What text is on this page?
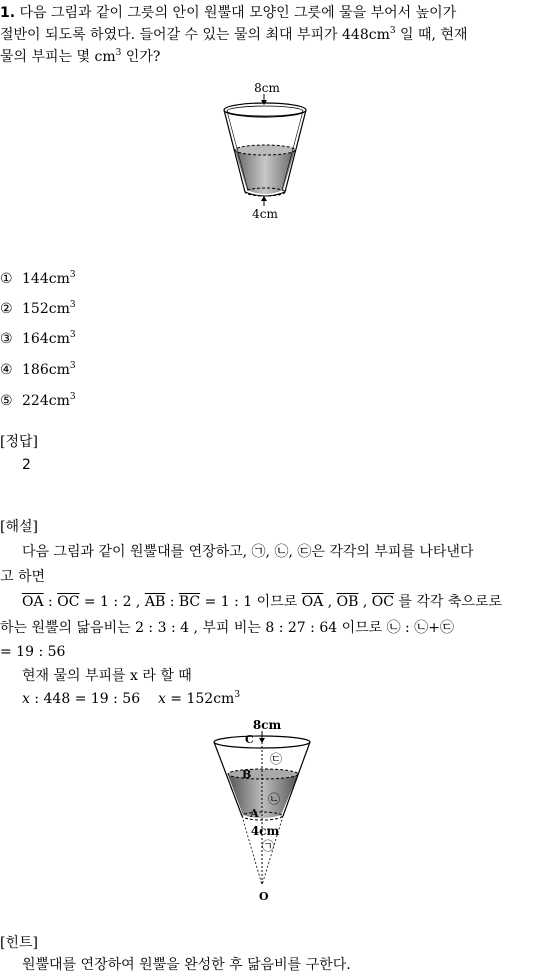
1. 다음 그림과 같이 그릇의 안이 원뿔대 모양인 그릇에 물을 부어서 높이가
절반이 되도록 하였다. 들어갈 수 있는 물의 최대 부피가 $448cm^3$ 일 때, 현재
물의 부피는 몇 $cm^3$ 인가?
8cm
4cm
① $144cm^3$
② $152cm^3$
③ $164cm^3$
④ $186cm^3$
⑤ $224cm^3$
[정답]
2
[해설]
다음 그림과 같이 원뿔대를 연장하고, ㉠, ㉡, ㉢은 각각의 부피를 나타낸다
고 하면
$\overline{OA}$ : $\overline{OC} = 1$ : 2 , $\overline{AB}$ : $\overline{BC} = 1$ : 1 이므로 $\overline{OA}$ , $\overline{OB}$ , $\overline{OC}$ 를 각각 축으로로
하는 원뿔의 닮음비는 2 : 3 : 4 , 부피 비는 8 : 27 : 64 이므로 ㉡ : ㉡+㉢
= 19 : 56
현재 물의 부피를 x 라 할 때
x : 448 = 19 : 56 $x = 152cm^3$
8cm
C
㉢
B
㉡
A
4cm
㉠
O
[힌트]
원뿔대를 연장하여 원뿔을 완성한 후 닮음비를 구한다.
